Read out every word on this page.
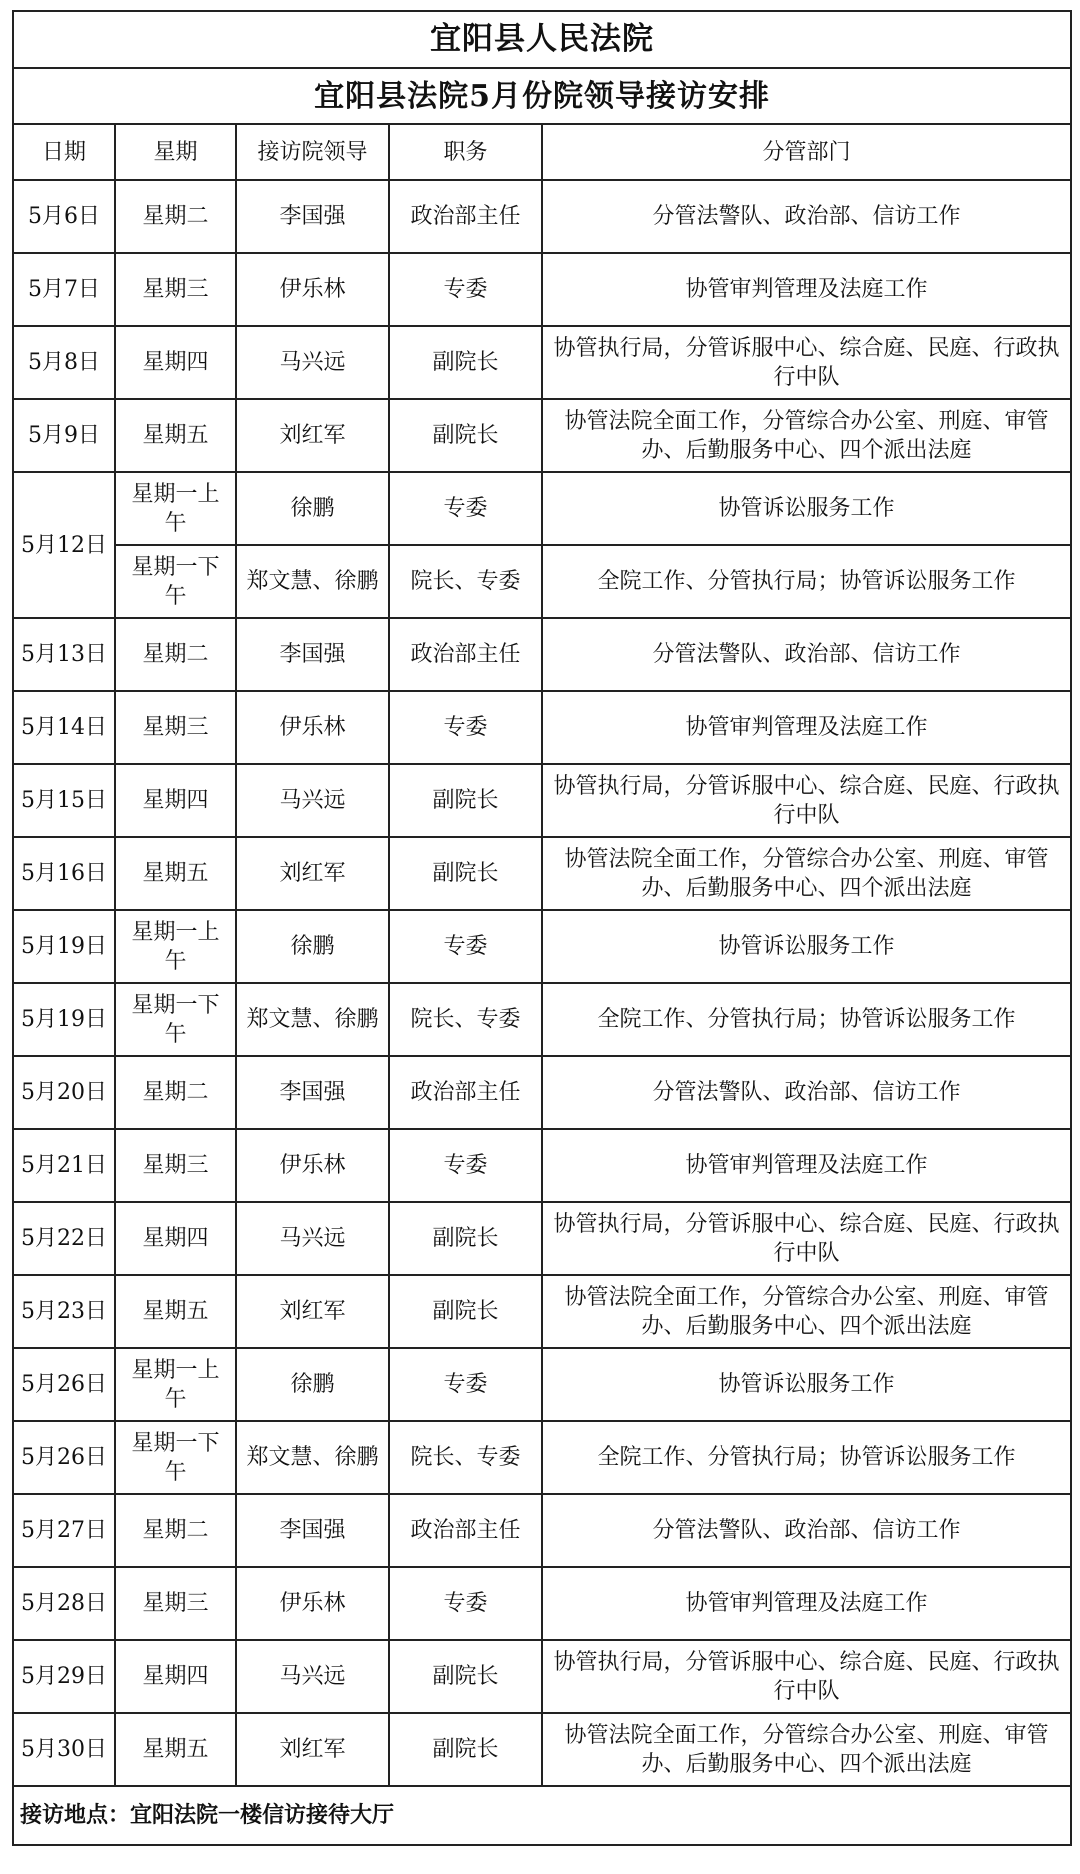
宜阳县人民法院				
宜阳县法院5月份院领导接访安排				
日期	星期	接访院领导	职务	分管部门
5月6日	星期二	李国强	政治部主任	分管法警队、政治部、信访工作
5月7日	星期三	伊乐林	专委	协管审判管理及法庭工作
5月8日	星期四	马兴远	副院长	协管执行局，分管诉服中心、综合庭、民庭、行政执行中队
5月9日	星期五	刘红军	副院长	协管法院全面工作，分管综合办公室、刑庭、审管办、后勤服务中心、四个派出法庭
5月12日	星期一上午	徐鹏	专委	协管诉讼服务工作
	星期一下午	郑文慧、徐鹏	院长、专委	全院工作、分管执行局；协管诉讼服务工作
5月13日	星期二	李国强	政治部主任	分管法警队、政治部、信访工作
5月14日	星期三	伊乐林	专委	协管审判管理及法庭工作
5月15日	星期四	马兴远	副院长	协管执行局，分管诉服中心、综合庭、民庭、行政执行中队
5月16日	星期五	刘红军	副院长	协管法院全面工作，分管综合办公室、刑庭、审管办、后勤服务中心、四个派出法庭
5月19日	星期一上午	徐鹏	专委	协管诉讼服务工作
5月19日	星期一下午	郑文慧、徐鹏	院长、专委	全院工作、分管执行局；协管诉讼服务工作
5月20日	星期二	李国强	政治部主任	分管法警队、政治部、信访工作
5月21日	星期三	伊乐林	专委	协管审判管理及法庭工作
5月22日	星期四	马兴远	副院长	协管执行局，分管诉服中心、综合庭、民庭、行政执行中队
5月23日	星期五	刘红军	副院长	协管法院全面工作，分管综合办公室、刑庭、审管办、后勤服务中心、四个派出法庭
5月26日	星期一上午	徐鹏	专委	协管诉讼服务工作
5月26日	星期一下午	郑文慧、徐鹏	院长、专委	全院工作、分管执行局；协管诉讼服务工作
5月27日	星期二	李国强	政治部主任	分管法警队、政治部、信访工作
5月28日	星期三	伊乐林	专委	协管审判管理及法庭工作
5月29日	星期四	马兴远	副院长	协管执行局，分管诉服中心、综合庭、民庭、行政执行中队
5月30日	星期五	刘红军	副院长	协管法院全面工作，分管综合办公室、刑庭、审管办、后勤服务中心、四个派出法庭
接访地点：宜阳法院一楼信访接待大厅				
